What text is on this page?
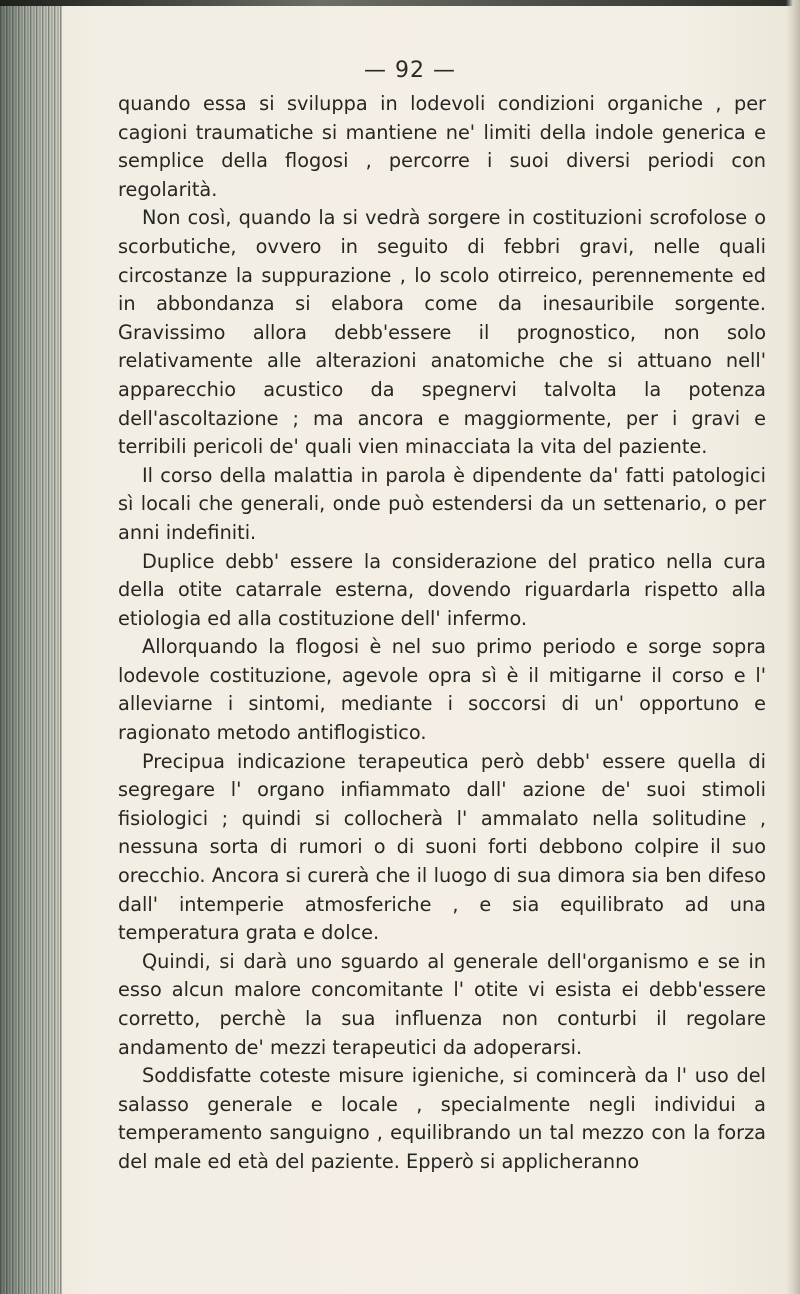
— 92 —

quando essa si sviluppa in lodevoli condizioni organiche , per cagioni traumatiche si mantiene ne' limiti della indole generica e semplice della flogosi , percorre i suoi diversi periodi con regolarità.

Non così, quando la si vedrà sorgere in costituzioni scrofolose o scorbutiche, ovvero in seguito di febbri gravi, nelle quali circostanze la suppurazione , lo scolo otirreico, perennemente ed in abbondanza si elabora come da inesauribile sorgente. Gravissimo allora debb'essere il prognostico, non solo relativamente alle alterazioni anatomiche che si attuano nell' apparecchio acustico da spegnervi talvolta la potenza dell'ascoltazione ; ma ancora e maggiormente, per i gravi e terribili pericoli de' quali vien minacciata la vita del paziente.

Il corso della malattia in parola è dipendente da' fatti patologici sì locali che generali, onde può estendersi da un settenario, o per anni indefiniti.

Duplice debb' essere la considerazione del pratico nella cura della otite catarrale esterna, dovendo riguardarla rispetto alla etiologia ed alla costituzione dell' infermo.

Allorquando la flogosi è nel suo primo periodo e sorge sopra lodevole costituzione, agevole opra sì è il mitigarne il corso e l' alleviarne i sintomi, mediante i soccorsi di un' opportuno e ragionato metodo antiflogistico.

Precipua indicazione terapeutica però debb' essere quella di segregare l' organo infiammato dall' azione de' suoi stimoli fisiologici ; quindi si collocherà l' ammalato nella solitudine , nessuna sorta di rumori o di suoni forti debbono colpire il suo orecchio. Ancora si curerà che il luogo di sua dimora sia ben difeso dall' intemperie atmosferiche , e sia equilibrato ad una temperatura grata e dolce.

Quindi, si darà uno sguardo al generale dell'organismo e se in esso alcun malore concomitante l' otite vi esista ei debb'essere corretto, perchè la sua influenza non conturbi il regolare andamento de' mezzi terapeutici da adoperarsi.

Soddisfatte coteste misure igieniche, si comincerà da l' uso del salasso generale e locale , specialmente negli individui a temperamento sanguigno , equilibrando un tal mezzo con la forza del male ed età del paziente. Epperò si applicheranno
